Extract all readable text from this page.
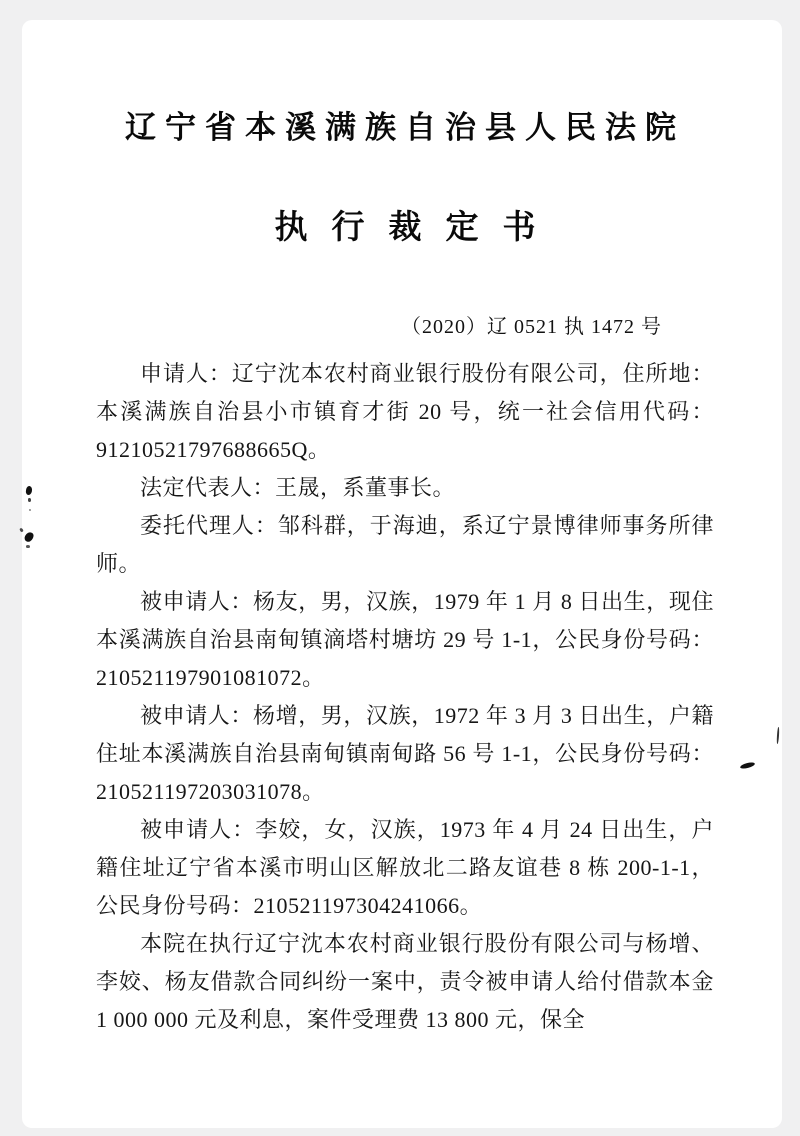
辽宁省本溪满族自治县人民法院
执行裁定书
（2020）辽 0521 执 1472 号

申请人：辽宁沈本农村商业银行股份有限公司，住所地：本溪满族自治县小市镇育才街 20 号，统一社会信用代码：91210521797688665Q。

法定代表人：王晟，系董事长。

委托代理人：邹科群，于海迪，系辽宁景博律师事务所律师。

被申请人：杨友，男，汉族，1979 年 1 月 8 日出生，现住本溪满族自治县南甸镇滴塔村塘坊 29 号 1-1，公民身份号码：210521197901081072。

被申请人：杨增，男，汉族，1972 年 3 月 3 日出生，户籍住址本溪满族自治县南甸镇南甸路 56 号 1-1，公民身份号码：210521197203031078。

被申请人：李姣，女，汉族，1973 年 4 月 24 日出生，户籍住址辽宁省本溪市明山区解放北二路友谊巷 8 栋 200-1-1，公民身份号码：210521197304241066。

本院在执行辽宁沈本农村商业银行股份有限公司与杨增、李姣、杨友借款合同纠纷一案中，责令被申请人给付借款本金 1 000 000 元及利息，案件受理费 13 800 元，保全
